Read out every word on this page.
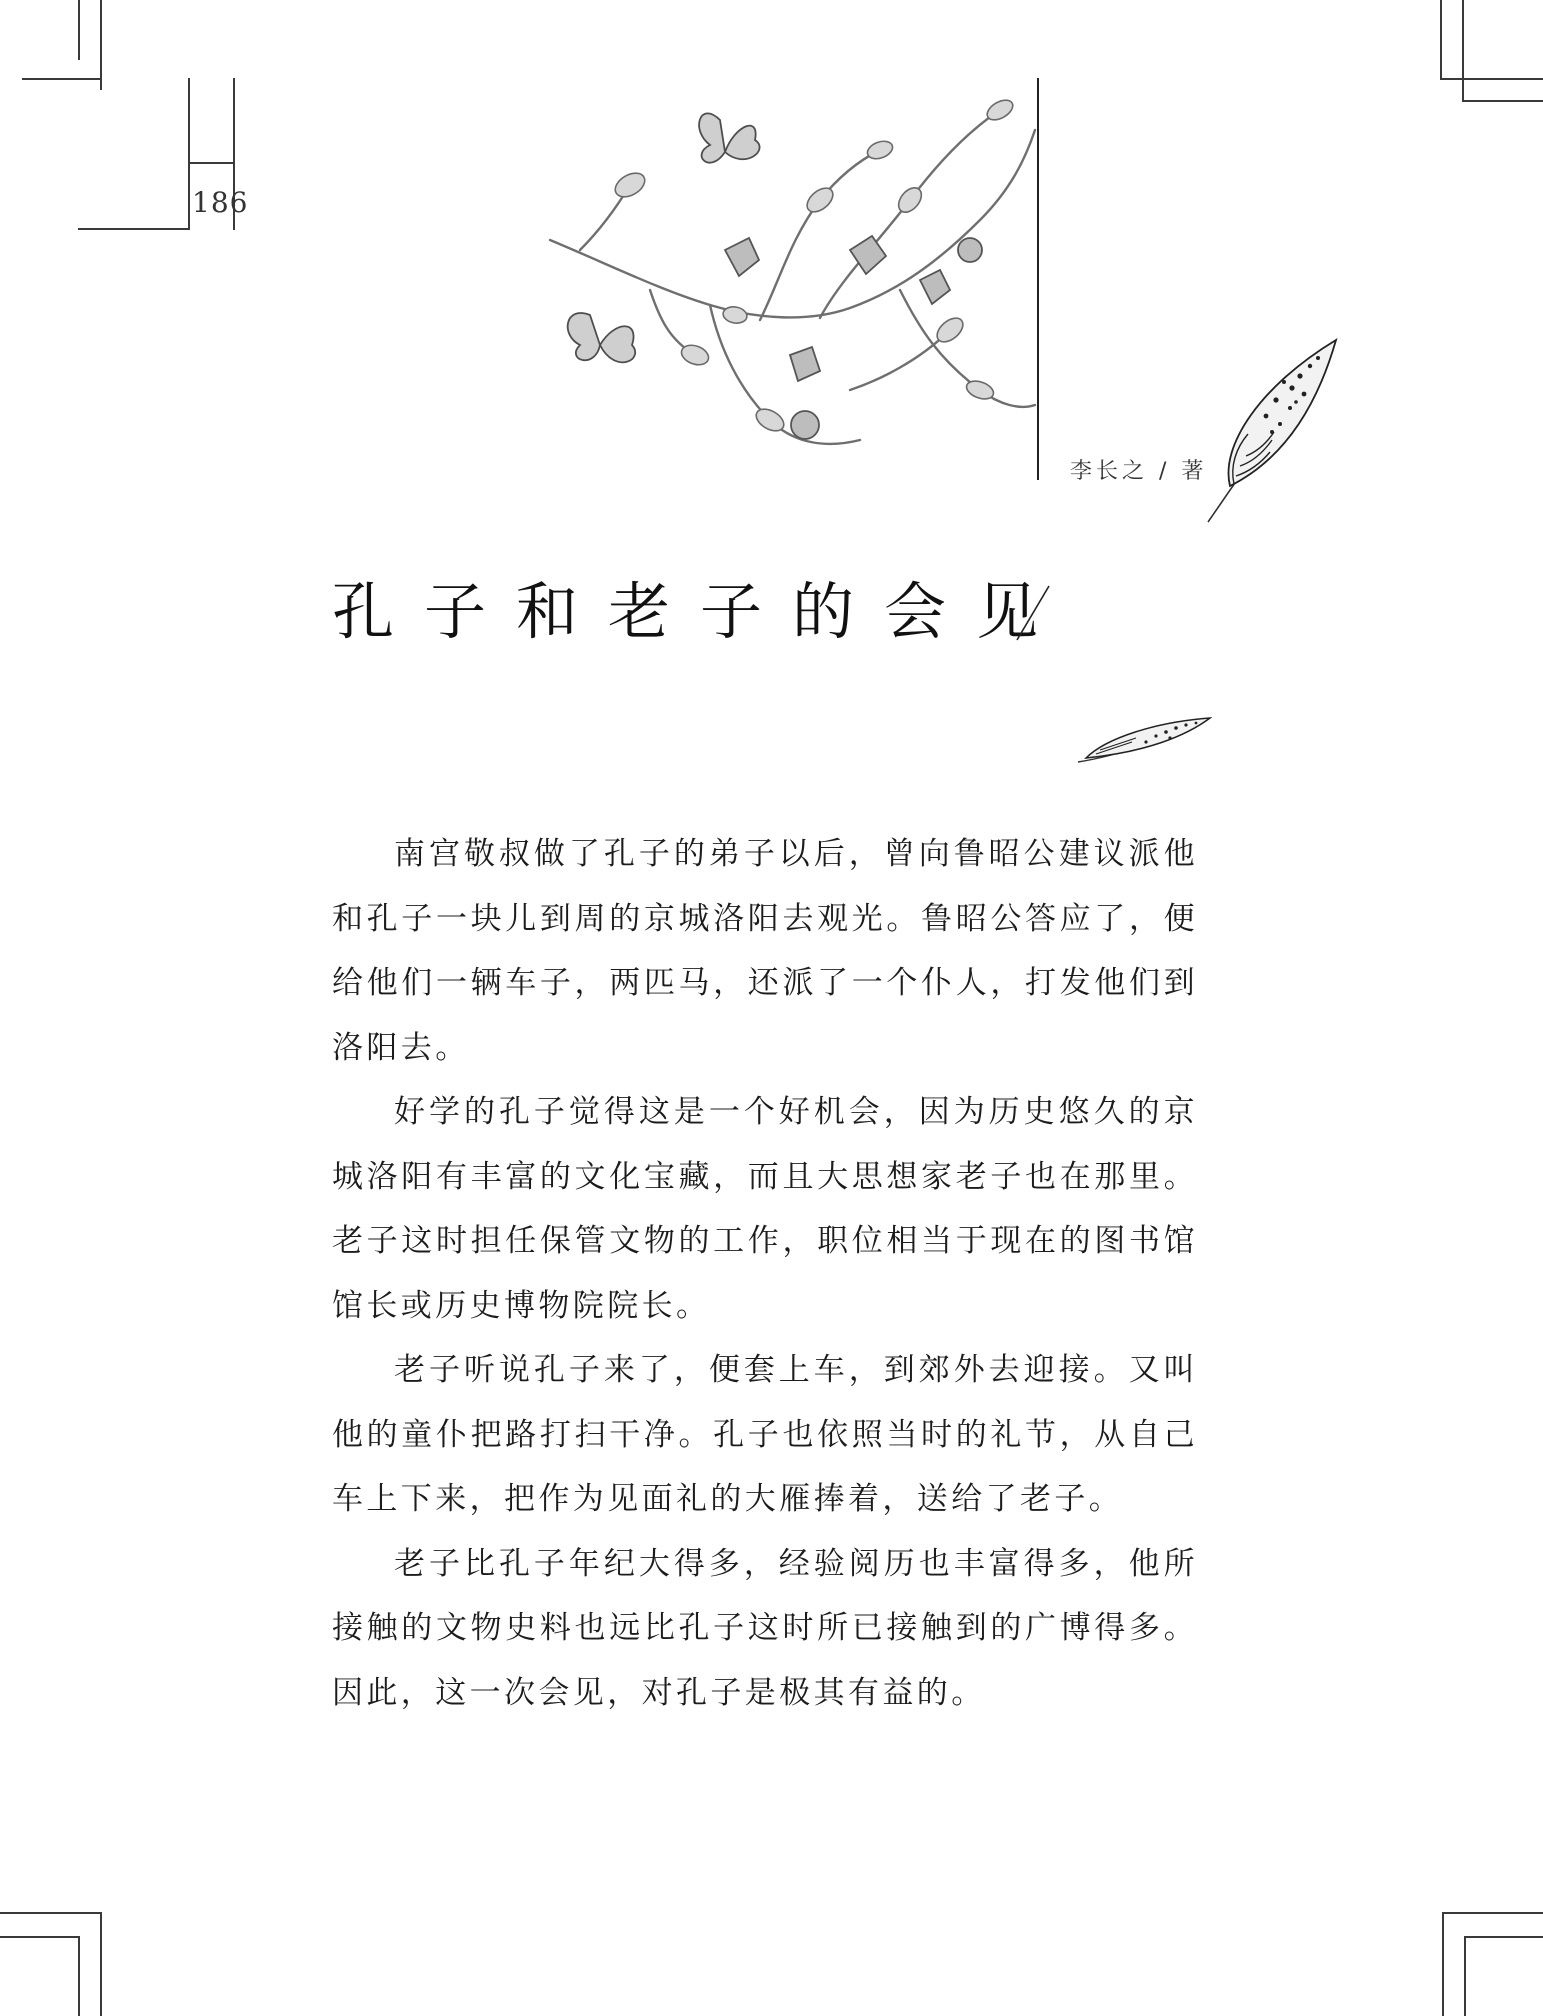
186
李长之 / 著
孔子和老子的会见

南宫敬叔做了孔子的弟子以后，曾向鲁昭公建议派他和孔子一块儿到周的京城洛阳去观光。鲁昭公答应了，便给他们一辆车子，两匹马，还派了一个仆人，打发他们到洛阳去。

好学的孔子觉得这是一个好机会，因为历史悠久的京城洛阳有丰富的文化宝藏，而且大思想家老子也在那里。老子这时担任保管文物的工作，职位相当于现在的图书馆馆长或历史博物院院长。

老子听说孔子来了，便套上车，到郊外去迎接。又叫他的童仆把路打扫干净。孔子也依照当时的礼节，从自己车上下来，把作为见面礼的大雁捧着，送给了老子。

老子比孔子年纪大得多，经验阅历也丰富得多，他所接触的文物史料也远比孔子这时所已接触到的广博得多。因此，这一次会见，对孔子是极其有益的。
